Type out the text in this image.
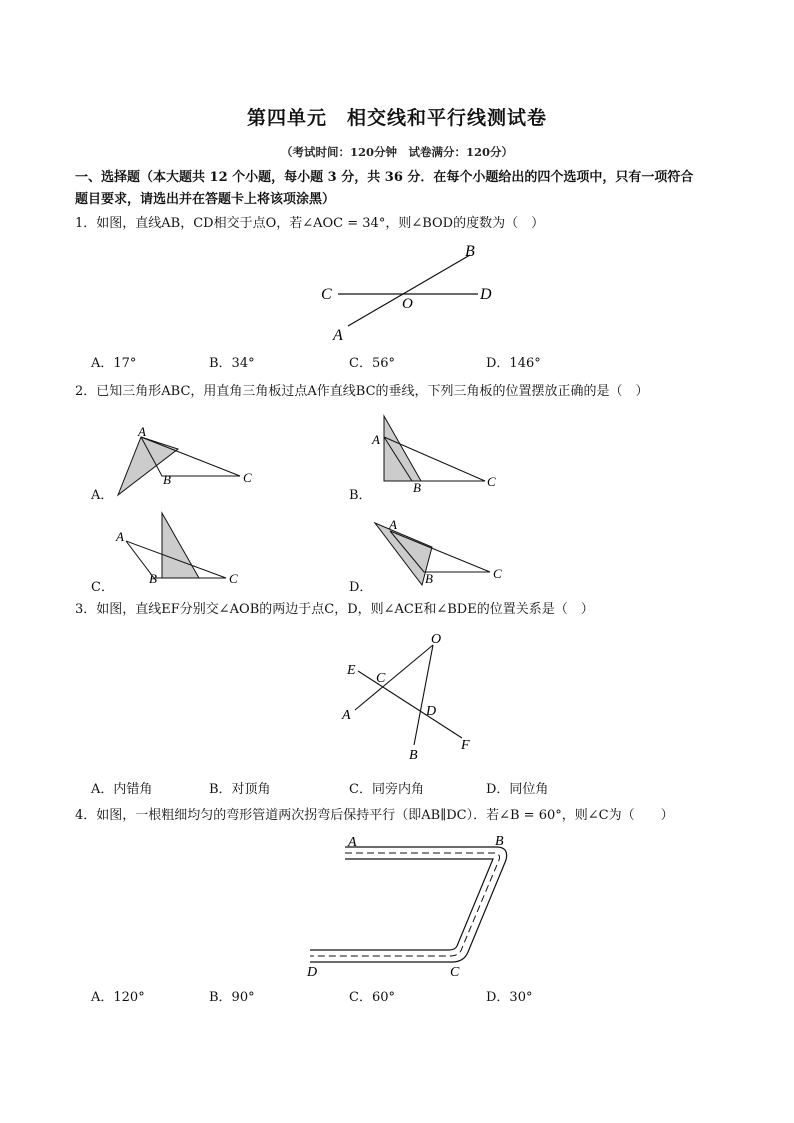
第四单元　相交线和平行线测试卷
（考试时间：120分钟　试卷满分：120分）
一、选择题（本大题共 12 个小题，每小题 3 分，共 36 分．在每个小题给出的四个选项中，只有一项符合
题目要求，请选出并在答题卡上将该项涂黑）
1．如图，直线AB，CD相交于点O，若∠AOC = 34°，则∠BOD的度数为（　）
B
C	D
O
A
A．17°	B．34°	C．56°	D．146°
2．已知三角形ABC，用直角三角板过点A作直线BC的垂线，下列三角板的位置摆放正确的是（　）
A
B	C
A
B	C
A
B	C
A
B	C
A．	B．
C．	D．
3．如图，直线EF分别交∠AOB的两边于点C，D，则∠ACE和∠BDE的位置关系是（　）
O
E
C
A	D
B
F
A．内错角	B．对顶角	C．同旁内角	D．同位角
4．如图，一根粗细均匀的弯形管道两次拐弯后保持平行（即AB∥DC）．若∠B = 60°，则∠C为（　　）
A	B
D	C
A．120°	B．90°	C．60°	D．30°
